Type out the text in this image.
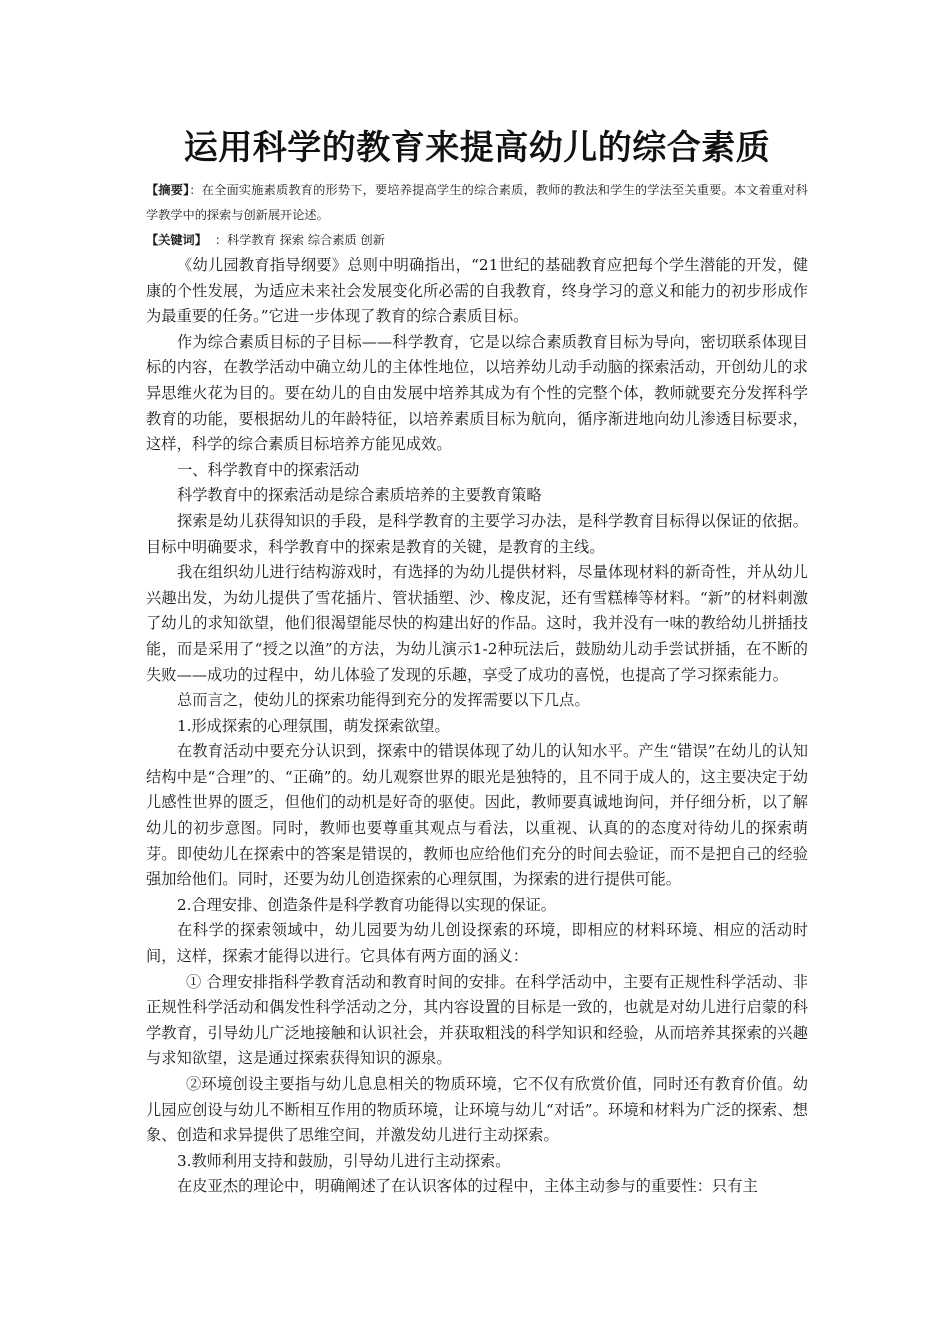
运用科学的教育来提高幼儿的综合素质

【摘要】：在全面实施素质教育的形势下，要培养提高学生的综合素质，教师的教法和学生的学法至关重要。本文着重对科学教学中的探索与创新展开论述。

【关键词】 ：科学教育 探索 综合素质 创新

《幼儿园教育指导纲要》总则中明确指出，“21世纪的基础教育应把每个学生潜能的开发，健康的个性发展，为适应未来社会发展变化所必需的自我教育，终身学习的意义和能力的初步形成作为最重要的任务。”它进一步体现了教育的综合素质目标。

作为综合素质目标的子目标——科学教育，它是以综合素质教育目标为导向，密切联系体现目标的内容，在教学活动中确立幼儿的主体性地位，以培养幼儿动手动脑的探索活动，开创幼儿的求异思维火花为目的。要在幼儿的自由发展中培养其成为有个性的完整个体，教师就要充分发挥科学教育的功能，要根据幼儿的年龄特征，以培养素质目标为航向，循序渐进地向幼儿渗透目标要求，这样，科学的综合素质目标培养方能见成效。

一、科学教育中的探索活动

科学教育中的探索活动是综合素质培养的主要教育策略

探索是幼儿获得知识的手段，是科学教育的主要学习办法，是科学教育目标得以保证的依据。目标中明确要求，科学教育中的探索是教育的关键，是教育的主线。

我在组织幼儿进行结构游戏时，有选择的为幼儿提供材料，尽量体现材料的新奇性，并从幼儿兴趣出发，为幼儿提供了雪花插片、管状插塑、沙、橡皮泥，还有雪糕棒等材料。“新”的材料刺激了幼儿的求知欲望，他们很渴望能尽快的构建出好的作品。这时，我并没有一味的教给幼儿拼插技能，而是采用了“授之以渔”的方法，为幼儿演示1-2种玩法后，鼓励幼儿动手尝试拼插，在不断的失败——成功的过程中，幼儿体验了发现的乐趣，享受了成功的喜悦，也提高了学习探索能力。

总而言之，使幼儿的探索功能得到充分的发挥需要以下几点。

1.形成探索的心理氛围，萌发探索欲望。

在教育活动中要充分认识到，探索中的错误体现了幼儿的认知水平。产生“错误”在幼儿的认知结构中是“合理”的、“正确”的。幼儿观察世界的眼光是独特的，且不同于成人的，这主要决定于幼儿感性世界的匮乏，但他们的动机是好奇的驱使。因此，教师要真诚地询问，并仔细分析，以了解幼儿的初步意图。同时，教师也要尊重其观点与看法，以重视、认真的的态度对待幼儿的探索萌芽。即使幼儿在探索中的答案是错误的，教师也应给他们充分的时间去验证，而不是把自己的经验强加给他们。同时，还要为幼儿创造探索的心理氛围，为探索的进行提供可能。

2.合理安排、创造条件是科学教育功能得以实现的保证。

在科学的探索领域中，幼儿园要为幼儿创设探索的环境，即相应的材料环境、相应的活动时间，这样，探索才能得以进行。它具体有两方面的涵义：

① 合理安排指科学教育活动和教育时间的安排。在科学活动中，主要有正规性科学活动、非正规性科学活动和偶发性科学活动之分，其内容设置的目标是一致的，也就是对幼儿进行启蒙的科学教育，引导幼儿广泛地接触和认识社会，并获取粗浅的科学知识和经验，从而培养其探索的兴趣与求知欲望，这是通过探索获得知识的源泉。

②环境创设主要指与幼儿息息相关的物质环境，它不仅有欣赏价值，同时还有教育价值。幼儿园应创设与幼儿不断相互作用的物质环境，让环境与幼儿“对话”。环境和材料为广泛的探索、想象、创造和求异提供了思维空间，并激发幼儿进行主动探索。

3.教师利用支持和鼓励，引导幼儿进行主动探索。

在皮亚杰的理论中，明确阐述了在认识客体的过程中，主体主动参与的重要性：只有主
